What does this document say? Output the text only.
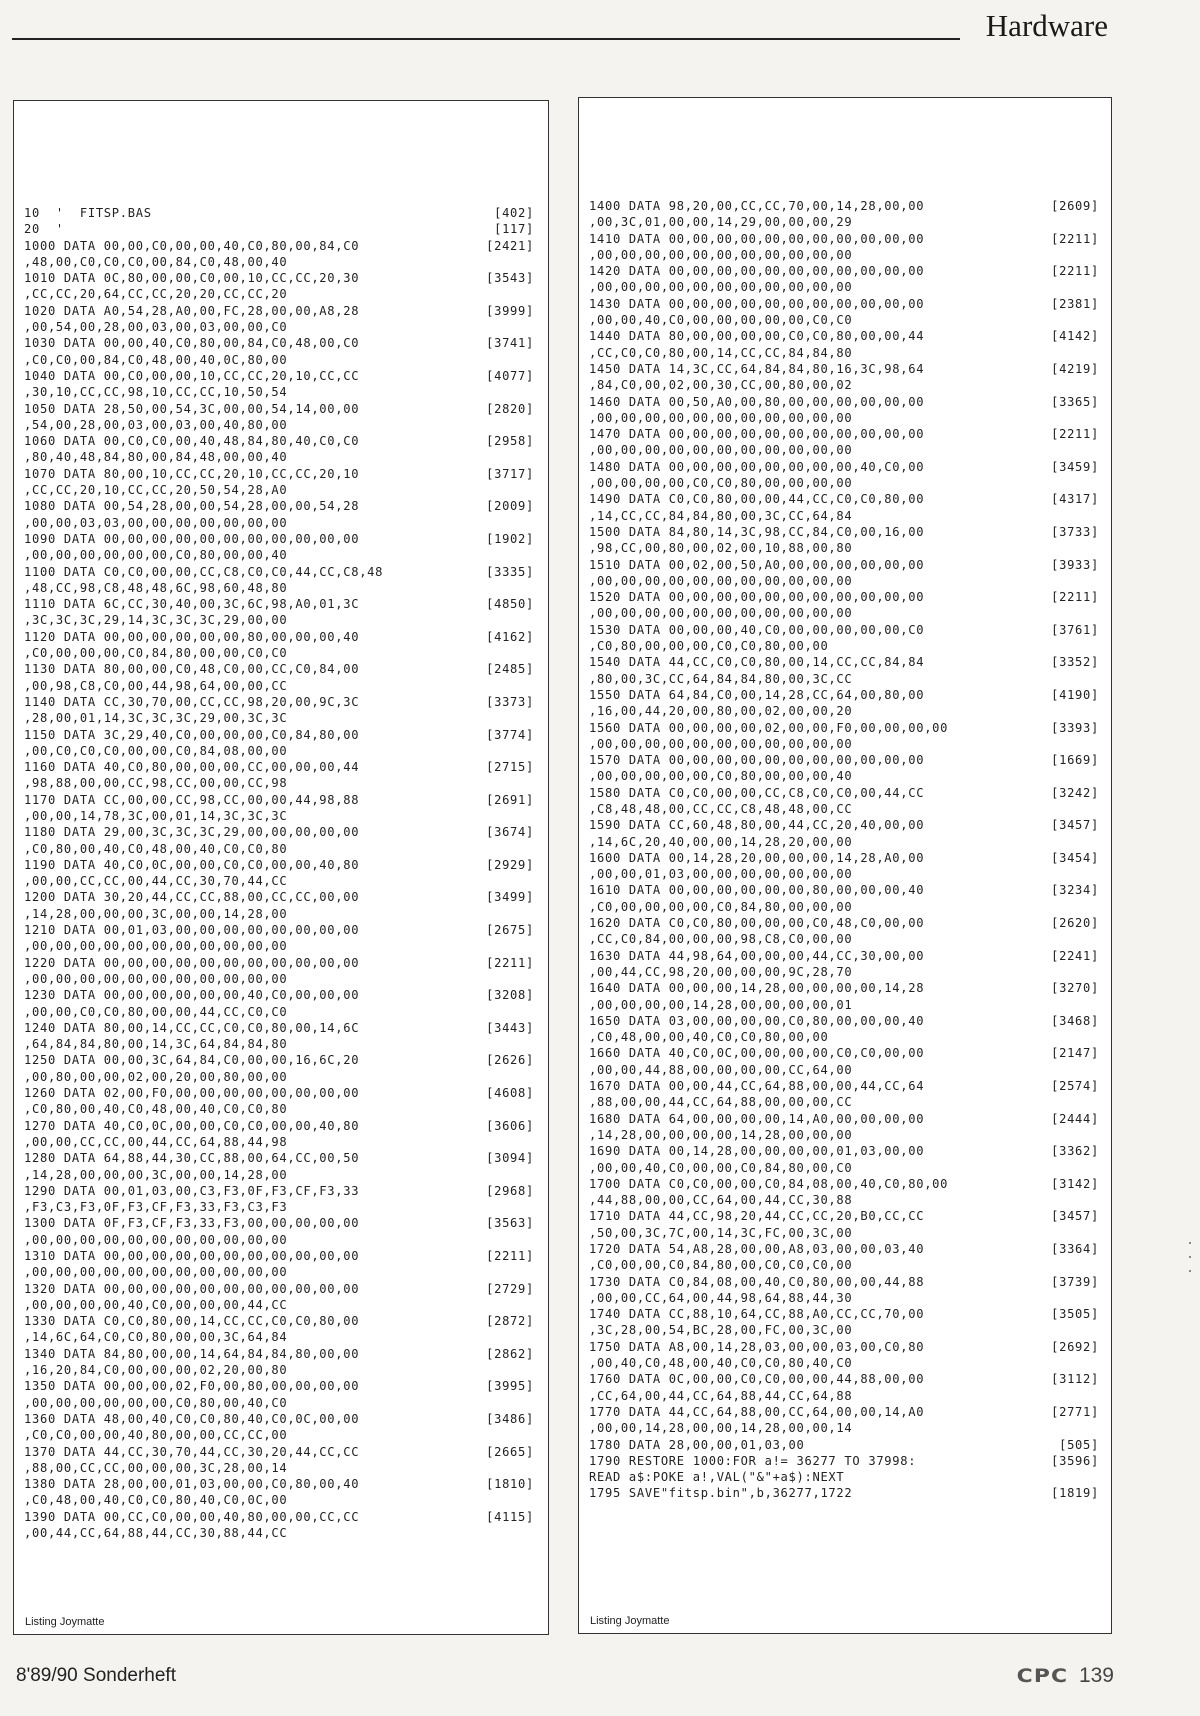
Hardware
10  '  FITSP.BAS	[402]
20  '	[117]
1000 DATA 00,00,C0,00,00,40,C0,80,00,84,C0	[2421]
,48,00,C0,C0,C0,00,84,C0,48,00,40
1010 DATA 0C,80,00,00,C0,00,10,CC,CC,20,30	[3543]
,CC,CC,20,64,CC,CC,20,20,CC,CC,20
1020 DATA A0,54,28,A0,00,FC,28,00,00,A8,28	[3999]
,00,54,00,28,00,03,00,03,00,00,C0
1030 DATA 00,00,40,C0,80,00,84,C0,48,00,C0	[3741]
,C0,C0,00,84,C0,48,00,40,0C,80,00
1040 DATA 00,C0,00,00,10,CC,CC,20,10,CC,CC	[4077]
,30,10,CC,CC,98,10,CC,CC,10,50,54
1050 DATA 28,50,00,54,3C,00,00,54,14,00,00	[2820]
,54,00,28,00,03,00,03,00,40,80,00
1060 DATA 00,C0,C0,00,40,48,84,80,40,C0,C0	[2958]
,80,40,48,84,80,00,84,48,00,00,40
1070 DATA 80,00,10,CC,CC,20,10,CC,CC,20,10	[3717]
,CC,CC,20,10,CC,CC,20,50,54,28,A0
1080 DATA 00,54,28,00,00,54,28,00,00,54,28	[2009]
,00,00,03,03,00,00,00,00,00,00,00
1090 DATA 00,00,00,00,00,00,00,00,00,00,00	[1902]
,00,00,00,00,00,00,C0,80,00,00,40
1100 DATA C0,C0,00,00,CC,C8,C0,C0,44,CC,C8,48	[3335]
,48,CC,98,C8,48,48,6C,98,60,48,80
1110 DATA 6C,CC,30,40,00,3C,6C,98,A0,01,3C	[4850]
,3C,3C,3C,29,14,3C,3C,3C,29,00,00
1120 DATA 00,00,00,00,00,00,80,00,00,00,40	[4162]
,C0,00,00,00,C0,84,80,00,00,C0,C0
1130 DATA 80,00,00,C0,48,C0,00,CC,C0,84,00	[2485]
,00,98,C8,C0,00,44,98,64,00,00,CC
1140 DATA CC,30,70,00,CC,CC,98,20,00,9C,3C	[3373]
,28,00,01,14,3C,3C,3C,29,00,3C,3C
1150 DATA 3C,29,40,C0,00,00,00,C0,84,80,00	[3774]
,00,C0,C0,C0,00,00,C0,84,08,00,00
1160 DATA 40,C0,80,00,00,00,CC,00,00,00,44	[2715]
,98,88,00,00,CC,98,CC,00,00,CC,98
1170 DATA CC,00,00,CC,98,CC,00,00,44,98,88	[2691]
,00,00,14,78,3C,00,01,14,3C,3C,3C
1180 DATA 29,00,3C,3C,3C,29,00,00,00,00,00	[3674]
,C0,80,00,40,C0,48,00,40,C0,C0,80
1190 DATA 40,C0,0C,00,00,C0,C0,00,00,40,80	[2929]
,00,00,CC,CC,00,44,CC,30,70,44,CC
1200 DATA 30,20,44,CC,CC,88,00,CC,CC,00,00	[3499]
,14,28,00,00,00,3C,00,00,14,28,00
1210 DATA 00,01,03,00,00,00,00,00,00,00,00	[2675]
,00,00,00,00,00,00,00,00,00,00,00
1220 DATA 00,00,00,00,00,00,00,00,00,00,00	[2211]
,00,00,00,00,00,00,00,00,00,00,00
1230 DATA 00,00,00,00,00,00,40,C0,00,00,00	[3208]
,00,00,C0,C0,80,00,00,44,CC,C0,C0
1240 DATA 80,00,14,CC,CC,C0,C0,80,00,14,6C	[3443]
,64,84,84,80,00,14,3C,64,84,84,80
1250 DATA 00,00,3C,64,84,C0,00,00,16,6C,20	[2626]
,00,80,00,00,02,00,20,00,80,00,00
1260 DATA 02,00,F0,00,00,00,00,00,00,00,00	[4608]
,C0,80,00,40,C0,48,00,40,C0,C0,80
1270 DATA 40,C0,0C,00,00,C0,C0,00,00,40,80	[3606]
,00,00,CC,CC,00,44,CC,64,88,44,98
1280 DATA 64,88,44,30,CC,88,00,64,CC,00,50	[3094]
,14,28,00,00,00,3C,00,00,14,28,00
1290 DATA 00,01,03,00,C3,F3,0F,F3,CF,F3,33	[2968]
,F3,C3,F3,0F,F3,CF,F3,33,F3,C3,F3
1300 DATA 0F,F3,CF,F3,33,F3,00,00,00,00,00	[3563]
,00,00,00,00,00,00,00,00,00,00,00
1310 DATA 00,00,00,00,00,00,00,00,00,00,00	[2211]
,00,00,00,00,00,00,00,00,00,00,00
1320 DATA 00,00,00,00,00,00,00,00,00,00,00	[2729]
,00,00,00,00,40,C0,00,00,00,44,CC
1330 DATA C0,C0,80,00,14,CC,CC,C0,C0,80,00	[2872]
,14,6C,64,C0,C0,80,00,00,3C,64,84
1340 DATA 84,80,00,00,14,64,84,84,80,00,00	[2862]
,16,20,84,C0,00,00,00,02,20,00,80
1350 DATA 00,00,00,02,F0,00,80,00,00,00,00	[3995]
,00,00,00,00,00,00,C0,80,00,40,C0
1360 DATA 48,00,40,C0,C0,80,40,C0,0C,00,00	[3486]
,C0,C0,00,00,40,80,00,00,CC,CC,00
1370 DATA 44,CC,30,70,44,CC,30,20,44,CC,CC	[2665]
,88,00,CC,CC,00,00,00,3C,28,00,14
1380 DATA 28,00,00,01,03,00,00,C0,80,00,40	[1810]
,C0,48,00,40,C0,C0,80,40,C0,0C,00
1390 DATA 00,CC,C0,00,00,40,80,00,00,CC,CC	[4115]
,00,44,CC,64,88,44,CC,30,88,44,CC
Listing Joymatte
1400 DATA 98,20,00,CC,CC,70,00,14,28,00,00	[2609]
,00,3C,01,00,00,14,29,00,00,00,29
1410 DATA 00,00,00,00,00,00,00,00,00,00,00	[2211]
,00,00,00,00,00,00,00,00,00,00,00
1420 DATA 00,00,00,00,00,00,00,00,00,00,00	[2211]
,00,00,00,00,00,00,00,00,00,00,00
1430 DATA 00,00,00,00,00,00,00,00,00,00,00	[2381]
,00,00,40,C0,00,00,00,00,00,C0,C0
1440 DATA 80,00,00,00,00,C0,C0,80,00,00,44	[4142]
,CC,C0,C0,80,00,14,CC,CC,84,84,80
1450 DATA 14,3C,CC,64,84,84,80,16,3C,98,64	[4219]
,84,C0,00,02,00,30,CC,00,80,00,02
1460 DATA 00,50,A0,00,80,00,00,00,00,00,00	[3365]
,00,00,00,00,00,00,00,00,00,00,00
1470 DATA 00,00,00,00,00,00,00,00,00,00,00	[2211]
,00,00,00,00,00,00,00,00,00,00,00
1480 DATA 00,00,00,00,00,00,00,00,40,C0,00	[3459]
,00,00,00,00,C0,C0,80,00,00,00,00
1490 DATA C0,C0,80,00,00,44,CC,C0,C0,80,00	[4317]
,14,CC,CC,84,84,80,00,3C,CC,64,84
1500 DATA 84,80,14,3C,98,CC,84,C0,00,16,00	[3733]
,98,CC,00,80,00,02,00,10,88,00,80
1510 DATA 00,02,00,50,A0,00,00,00,00,00,00	[3933]
,00,00,00,00,00,00,00,00,00,00,00
1520 DATA 00,00,00,00,00,00,00,00,00,00,00	[2211]
,00,00,00,00,00,00,00,00,00,00,00
1530 DATA 00,00,00,40,C0,00,00,00,00,00,C0	[3761]
,C0,80,00,00,00,C0,C0,80,00,00
1540 DATA 44,CC,C0,C0,80,00,14,CC,CC,84,84	[3352]
,80,00,3C,CC,64,84,84,80,00,3C,CC
1550 DATA 64,84,C0,00,14,28,CC,64,00,80,00	[4190]
,16,00,44,20,00,80,00,02,00,00,20
1560 DATA 00,00,00,00,02,00,00,F0,00,00,00,00	[3393]
,00,00,00,00,00,00,00,00,00,00,00
1570 DATA 00,00,00,00,00,00,00,00,00,00,00	[1669]
,00,00,00,00,00,C0,80,00,00,00,40
1580 DATA C0,C0,00,00,CC,C8,C0,C0,00,44,CC	[3242]
,C8,48,48,00,CC,CC,C8,48,48,00,CC
1590 DATA CC,60,48,80,00,44,CC,20,40,00,00	[3457]
,14,6C,20,40,00,00,14,28,20,00,00
1600 DATA 00,14,28,20,00,00,00,14,28,A0,00	[3454]
,00,00,01,03,00,00,00,00,00,00,00
1610 DATA 00,00,00,00,00,00,80,00,00,00,40	[3234]
,C0,00,00,00,00,C0,84,80,00,00,00
1620 DATA C0,C0,80,00,00,00,C0,48,C0,00,00	[2620]
,CC,C0,84,00,00,00,98,C8,C0,00,00
1630 DATA 44,98,64,00,00,00,44,CC,30,00,00	[2241]
,00,44,CC,98,20,00,00,00,9C,28,70
1640 DATA 00,00,00,14,28,00,00,00,00,14,28	[3270]
,00,00,00,00,14,28,00,00,00,00,01
1650 DATA 03,00,00,00,00,C0,80,00,00,00,40	[3468]
,C0,48,00,00,40,C0,C0,80,00,00
1660 DATA 40,C0,0C,00,00,00,00,C0,C0,00,00	[2147]
,00,00,44,88,00,00,00,00,CC,64,00
1670 DATA 00,00,44,CC,64,88,00,00,44,CC,64	[2574]
,88,00,00,44,CC,64,88,00,00,00,CC
1680 DATA 64,00,00,00,00,14,A0,00,00,00,00	[2444]
,14,28,00,00,00,00,14,28,00,00,00
1690 DATA 00,14,28,00,00,00,00,01,03,00,00	[3362]
,00,00,40,C0,00,00,C0,84,80,00,C0
1700 DATA C0,C0,00,00,C0,84,08,00,40,C0,80,00	[3142]
,44,88,00,00,CC,64,00,44,CC,30,88
1710 DATA 44,CC,98,20,44,CC,CC,20,B0,CC,CC	[3457]
,50,00,3C,7C,00,14,3C,FC,00,3C,00
1720 DATA 54,A8,28,00,00,A8,03,00,00,03,40	[3364]
,C0,00,00,C0,84,80,00,C0,C0,C0,00
1730 DATA C0,84,08,00,40,C0,80,00,00,44,88	[3739]
,00,00,CC,64,00,44,98,64,88,44,30
1740 DATA CC,88,10,64,CC,88,A0,CC,CC,70,00	[3505]
,3C,28,00,54,BC,28,00,FC,00,3C,00
1750 DATA A8,00,14,28,03,00,00,03,00,C0,80	[2692]
,00,40,C0,48,00,40,C0,C0,80,40,C0
1760 DATA 0C,00,00,C0,C0,00,00,44,88,00,00	[3112]
,CC,64,00,44,CC,64,88,44,CC,64,88
1770 DATA 44,CC,64,88,00,CC,64,00,00,14,A0	[2771]
,00,00,14,28,00,00,14,28,00,00,14
1780 DATA 28,00,00,01,03,00	[505]
1790 RESTORE 1000:FOR a!= 36277 TO 37998:	[3596]
READ a$:POKE a!,VAL("&"+a$):NEXT
1795 SAVE"fitsp.bin",b,36277,1722	[1819]
Listing Joymatte
8'89/90 Sonderheft	CPC 139
